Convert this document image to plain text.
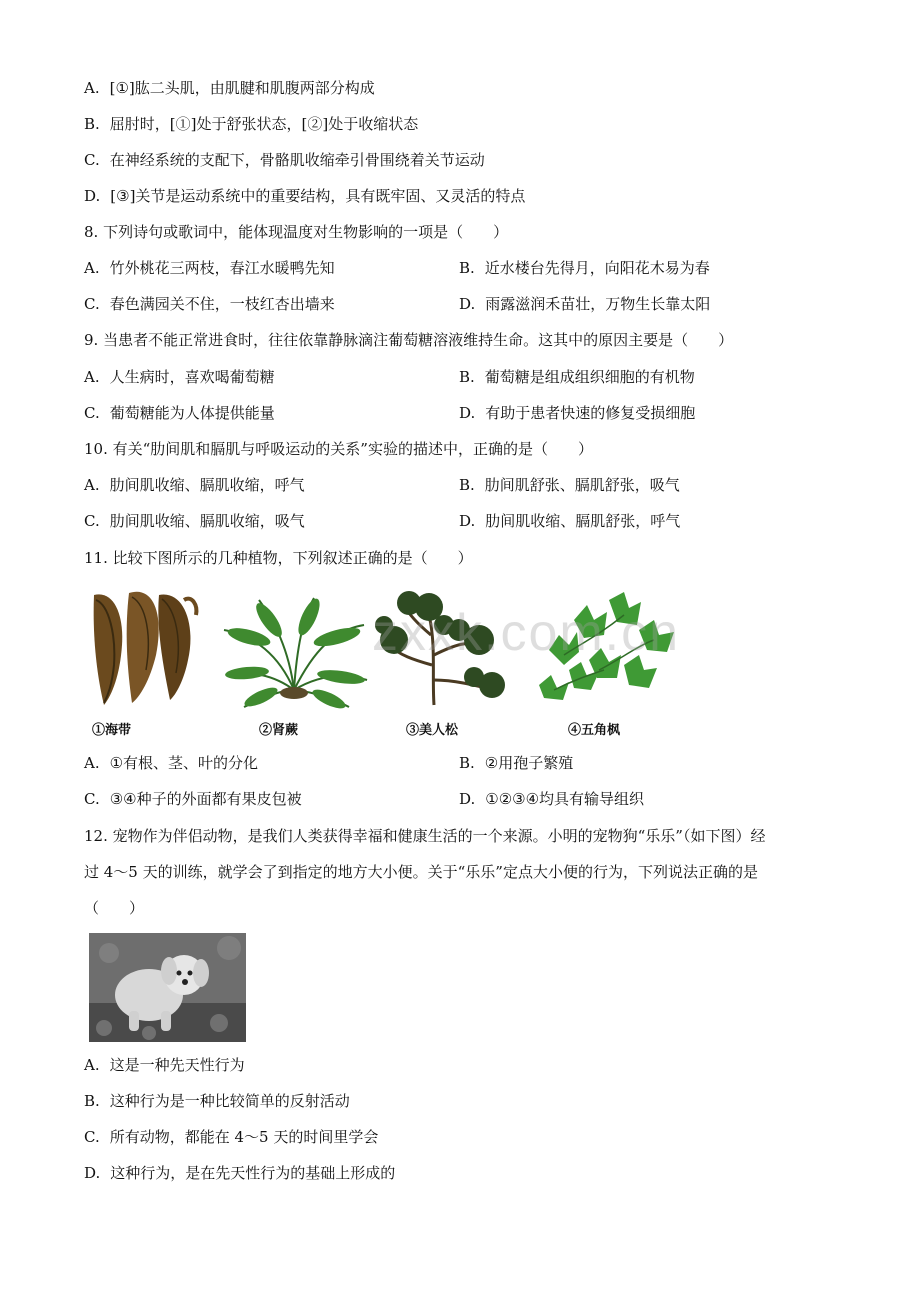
A. [①]肱二头肌，由肌腱和肌腹两部分构成
B. 屈肘时，[①]处于舒张状态，[②]处于收缩状态
C. 在神经系统的支配下，骨骼肌收缩牵引骨围绕着关节运动
D. [③]关节是运动系统中的重要结构，具有既牢固、又灵活的特点
8. 下列诗句或歌词中，能体现温度对生物影响的一项是（　　）
A. 竹外桃花三两枝，春江水暖鸭先知	B. 近水楼台先得月，向阳花木易为春
C. 春色满园关不住，一枝红杏出墙来	D. 雨露滋润禾苗壮，万物生长靠太阳
9. 当患者不能正常进食时，往往依靠静脉滴注葡萄糖溶液维持生命。这其中的原因主要是（　　）
A. 人生病时，喜欢喝葡萄糖	B. 葡萄糖是组成组织细胞的有机物
C. 葡萄糖能为人体提供能量	D. 有助于患者快速的修复受损细胞
10. 有关“肋间肌和膈肌与呼吸运动的关系”实验的描述中，正确的是（　　）
A. 肋间肌收缩、膈肌收缩，呼气	B. 肋间肌舒张、膈肌舒张，吸气
C. 肋间肌收缩、膈肌收缩，吸气	D. 肋间肌收缩、膈肌舒张，呼气
11. 比较下图所示的几种植物，下列叙述正确的是（　　）
zxxk.com.cn
①海带	②肾蕨	③美人松	④五角枫
A. ①有根、茎、叶的分化	B. ②用孢子繁殖
C. ③④种子的外面都有果皮包被	D. ①②③④均具有输导组织
12. 宠物作为伴侣动物，是我们人类获得幸福和健康生活的一个来源。小明的宠物狗“乐乐”（如下图）经
过 4～5 天的训练，就学会了到指定的地方大小便。关于“乐乐”定点大小便的行为，下列说法正确的是
（　　）
A. 这是一种先天性行为
B. 这种行为是一种比较简单的反射活动
C. 所有动物，都能在 4～5 天的时间里学会
D. 这种行为，是在先天性行为的基础上形成的
